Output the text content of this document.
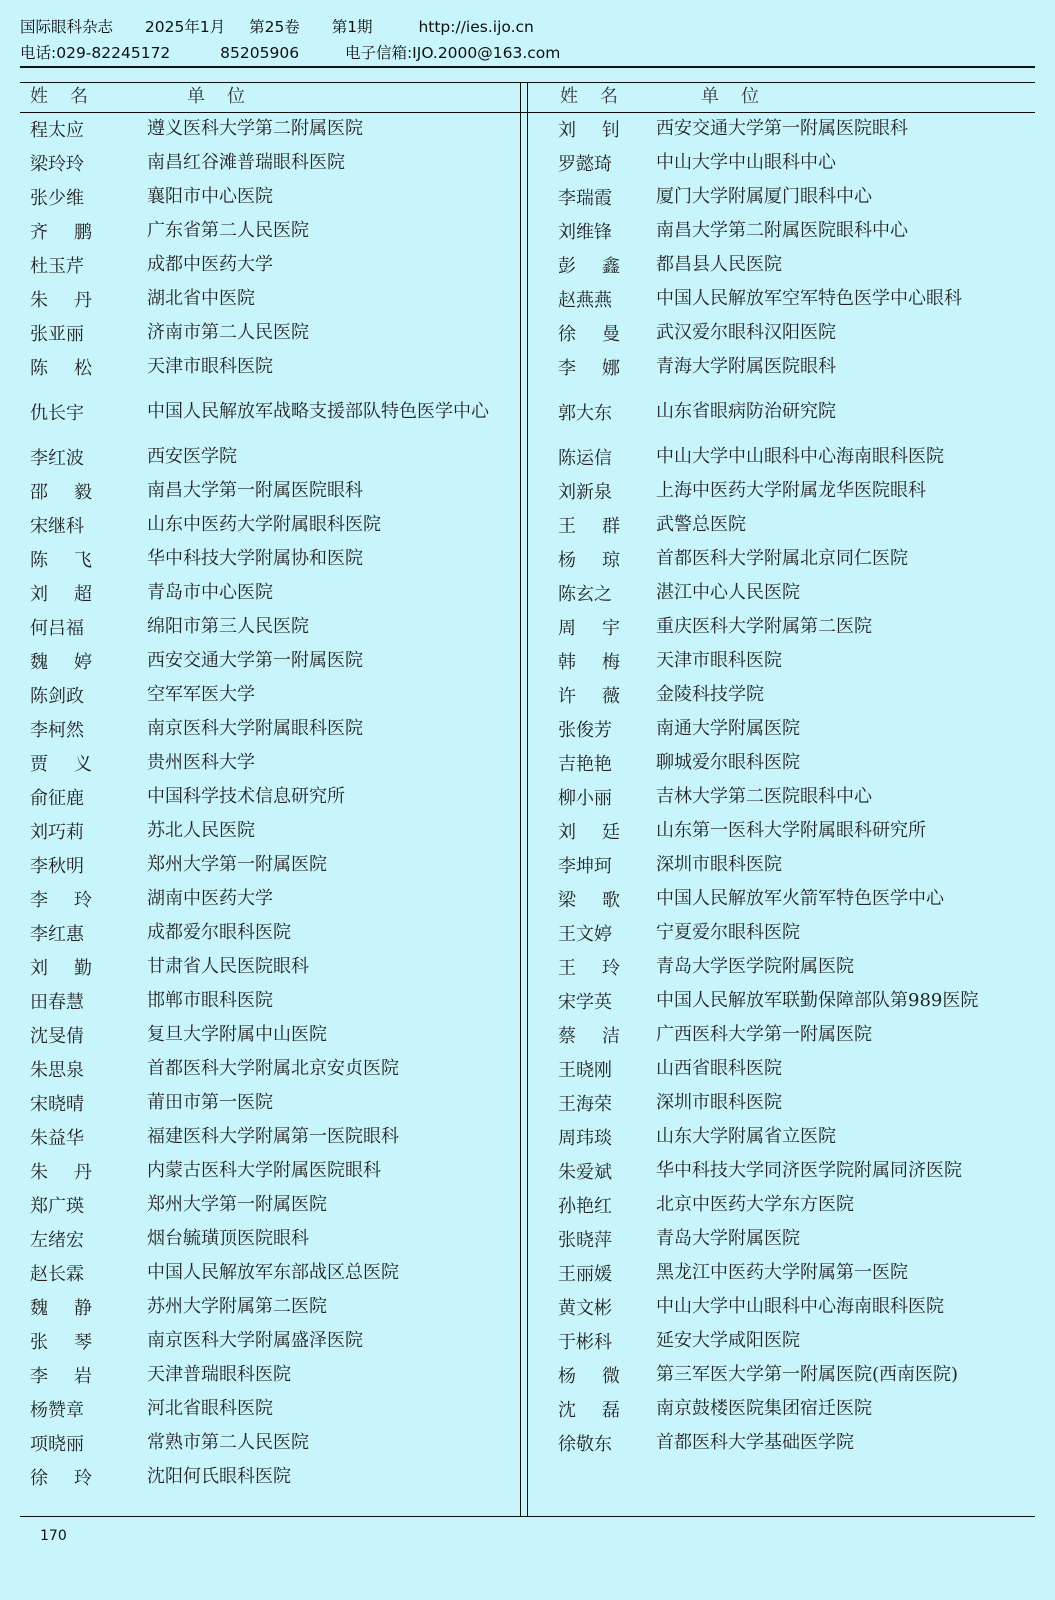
国际眼科杂志 2025年1月 第25卷 第1期	http://ies.ijo.cn
电话:029-82245172	85205906	电子信箱:IJO.2000@163.com
姓名	单位
程太应	遵义医科大学第二附属医院
梁玲玲	南昌红谷滩普瑞眼科医院
张少维	襄阳市中心医院
齐鹏 广东省第二人民医院
杜玉芹	成都中医药大学
朱丹 湖北省中医院
张亚丽	济南市第二人民医院
陈松 天津市眼科医院
仇长宇	中国人民解放军战略支援部队特色医学中心
李红波	西安医学院
邵毅 南昌大学第一附属医院眼科
宋继科	山东中医药大学附属眼科医院
陈飞 华中科技大学附属协和医院
刘超 青岛市中心医院
何吕福	绵阳市第三人民医院
魏婷 西安交通大学第一附属医院
陈剑政	空军军医大学
李柯然	南京医科大学附属眼科医院
贾义 贵州医科大学
俞征鹿	中国科学技术信息研究所
刘巧莉	苏北人民医院
李秋明	郑州大学第一附属医院
李玲 湖南中医药大学
李红惠	成都爱尔眼科医院
刘勤 甘肃省人民医院眼科
田春慧	邯郸市眼科医院
沈旻倩	复旦大学附属中山医院
朱思泉	首都医科大学附属北京安贞医院
宋晓晴	莆田市第一医院
朱益华	福建医科大学附属第一医院眼科
朱丹 内蒙古医科大学附属医院眼科
郑广瑛	郑州大学第一附属医院
左绪宏	烟台毓璜顶医院眼科
赵长霖	中国人民解放军东部战区总医院
魏静 苏州大学附属第二医院
张琴 南京医科大学附属盛泽医院
李岩 天津普瑞眼科医院
杨赞章	河北省眼科医院
项晓丽	常熟市第二人民医院
徐玲 沈阳何氏眼科医院
姓名	单位
刘钊 西安交通大学第一附属医院眼科
罗懿琦 中山大学中山眼科中心
李瑞霞 厦门大学附属厦门眼科中心
刘维锋 南昌大学第二附属医院眼科中心
彭鑫 都昌县人民医院
赵燕燕 中国人民解放军空军特色医学中心眼科
徐曼 武汉爱尔眼科汉阳医院
李娜 青海大学附属医院眼科
郭大东 山东省眼病防治研究院
陈运信 中山大学中山眼科中心海南眼科医院
刘新泉 上海中医药大学附属龙华医院眼科
王群 武警总医院
杨琼 首都医科大学附属北京同仁医院
陈玄之 湛江中心人民医院
周宇 重庆医科大学附属第二医院
韩梅 天津市眼科医院
许薇 金陵科技学院
张俊芳 南通大学附属医院
吉艳艳 聊城爱尔眼科医院
柳小丽 吉林大学第二医院眼科中心
刘廷 山东第一医科大学附属眼科研究所
李坤珂 深圳市眼科医院
梁歌 中国人民解放军火箭军特色医学中心
王文婷 宁夏爱尔眼科医院
王玲 青岛大学医学院附属医院
宋学英 中国人民解放军联勤保障部队第989医院
蔡洁 广西医科大学第一附属医院
王晓刚 山西省眼科医院
王海荣 深圳市眼科医院
周玮琰 山东大学附属省立医院
朱爱斌 华中科技大学同济医学院附属同济医院
孙艳红 北京中医药大学东方医院
张晓萍 青岛大学附属医院
王丽媛 黑龙江中医药大学附属第一医院
黄文彬 中山大学中山眼科中心海南眼科医院
于彬科 延安大学咸阳医院
杨微 第三军医大学第一附属医院(西南医院)
沈磊 南京鼓楼医院集团宿迁医院
徐敬东 首都医科大学基础医学院
170
